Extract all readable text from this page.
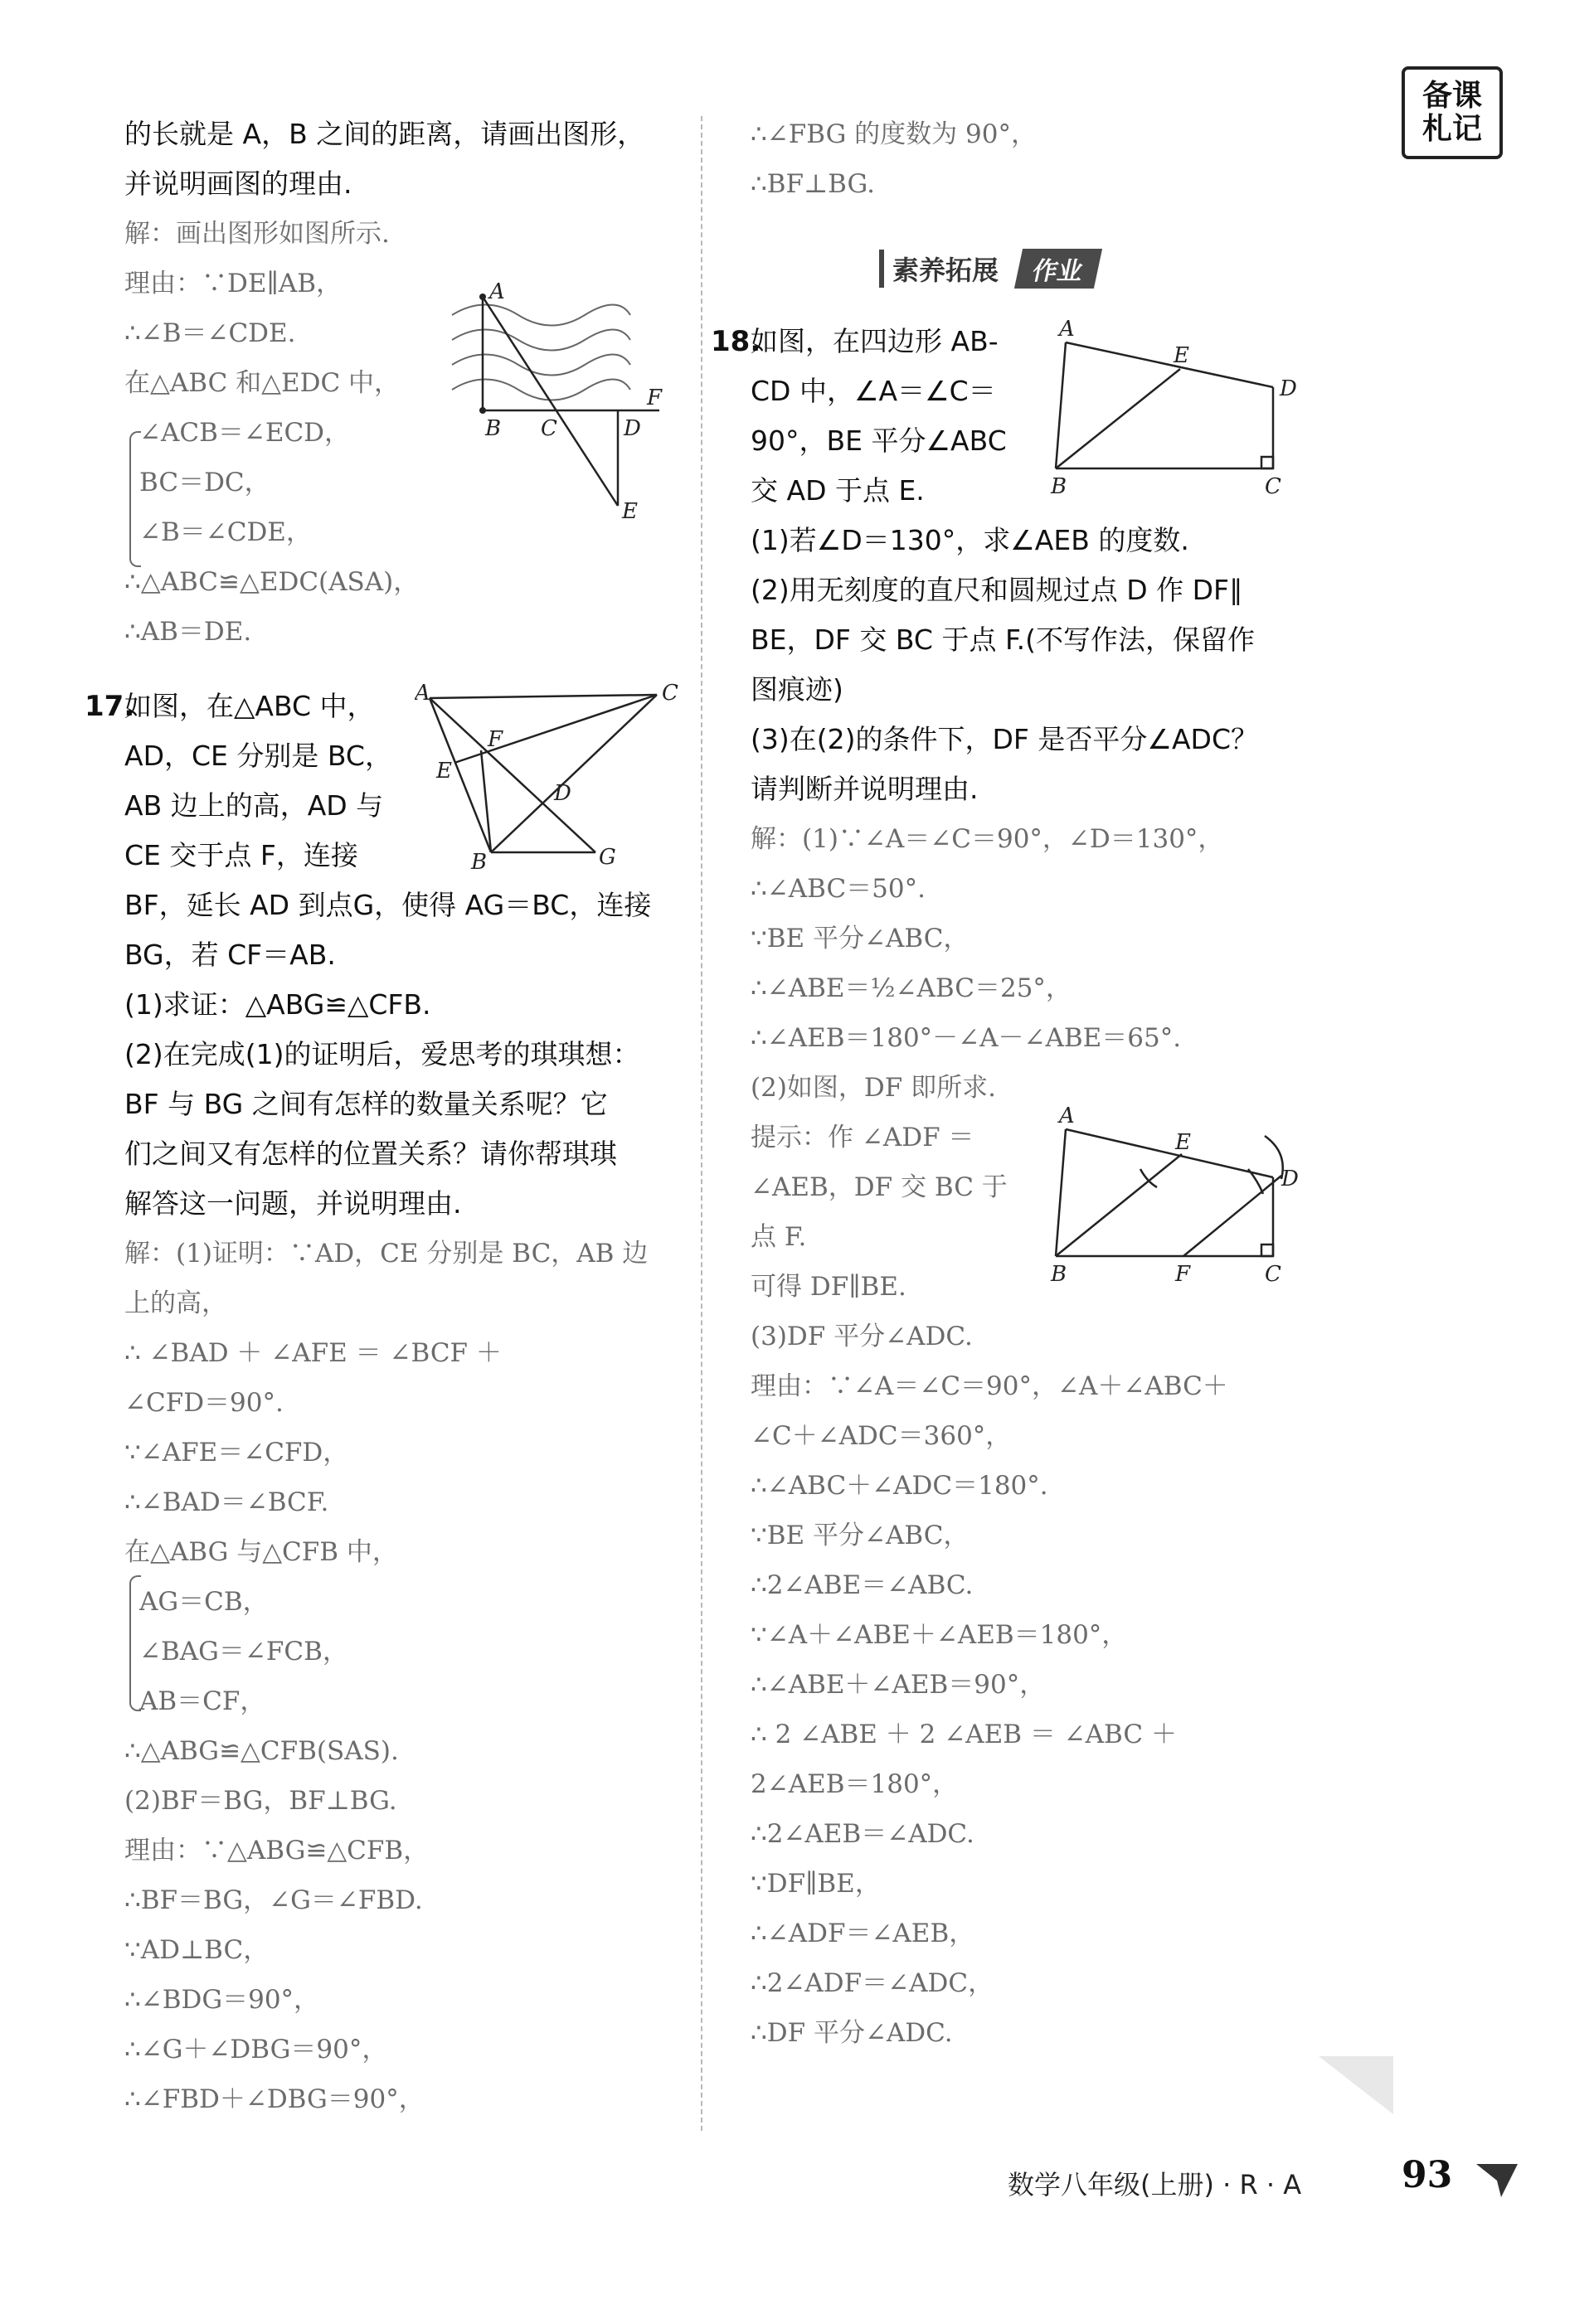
备课
札记
的长就是 A，B 之间的距离，请画出图形，
并说明画图的理由.
解：画出图形如图所示.
理由：∵DE∥AB，
∴∠B＝∠CDE.
在△ABC 和△EDC 中，
∠ACB＝∠ECD，
BC＝DC，
∠B＝∠CDE，
∴△ABC≌△EDC(ASA)，
∴AB＝DE.
17.
如图，在△ABC 中，
AD，CE 分别是 BC，
AB 边上的高，AD 与
CE 交于点 F，连接
BF，延长 AD 到点G，使得 AG＝BC，连接
BG，若 CF＝AB.
(1)求证：△ABG≌△CFB.
(2)在完成(1)的证明后，爱思考的琪琪想：
BF 与 BG 之间有怎样的数量关系呢？它
们之间又有怎样的位置关系？请你帮琪琪
解答这一问题，并说明理由.
解：(1)证明：∵AD，CE 分别是 BC，AB 边
上的高，
∴ ∠BAD ＋ ∠AFE ＝ ∠BCF ＋
∠CFD＝90°.
∵∠AFE＝∠CFD，
∴∠BAD＝∠BCF.
在△ABG 与△CFB 中，
AG＝CB，
∠BAG＝∠FCB，
AB＝CF，
∴△ABG≌△CFB(SAS).
(2)BF＝BG，BF⊥BG.
理由：∵△ABG≌△CFB，
∴BF＝BG，∠G＝∠FBD.
∵AD⊥BC，
∴∠BDG＝90°，
∴∠G＋∠DBG＝90°，
∴∠FBD＋∠DBG＝90°，
∴∠FBG 的度数为 90°，
∴BF⊥BG.
18.
如图，在四边形 AB-
CD 中，∠A＝∠C＝
90°，BE 平分∠ABC
交 AD 于点 E.
(1)若∠D＝130°，求∠AEB 的度数.
(2)用无刻度的直尺和圆规过点 D 作 DF∥
BE，DF 交 BC 于点 F.(不写作法，保留作
图痕迹)
(3)在(2)的条件下，DF 是否平分∠ADC？
请判断并说明理由.
解：(1)∵∠A＝∠C＝90°，∠D＝130°，
∴∠ABC＝50°.
∵BE 平分∠ABC，
∴∠ABE＝½∠ABC＝25°，
∴∠AEB＝180°－∠A－∠ABE＝65°.
(2)如图，DF 即所求.
提示：作 ∠ADF ＝
∠AEB，DF 交 BC 于
点 F.
可得 DF∥BE.
(3)DF 平分∠ADC.
理由：∵∠A＝∠C＝90°，∠A＋∠ABC＋
∠C＋∠ADC＝360°，
∴∠ABC＋∠ADC＝180°.
∵BE 平分∠ABC，
∴2∠ABE＝∠ABC.
∵∠A＋∠ABE＋∠AEB＝180°，
∴∠ABE＋∠AEB＝90°，
∴ 2 ∠ABE ＋ 2 ∠AEB ＝ ∠ABC ＋
2∠AEB＝180°，
∴2∠AEB＝∠ADC.
∵DF∥BE，
∴∠ADF＝∠AEB，
∴2∠ADF＝∠ADC，
∴DF 平分∠ADC.
素养拓展	作业
A
B C	D
E
F
A	C
F
E
D
B	G
A
E
D
B	C
A
E
D
B	F	C
数学八年级(上册) · R · A	93
